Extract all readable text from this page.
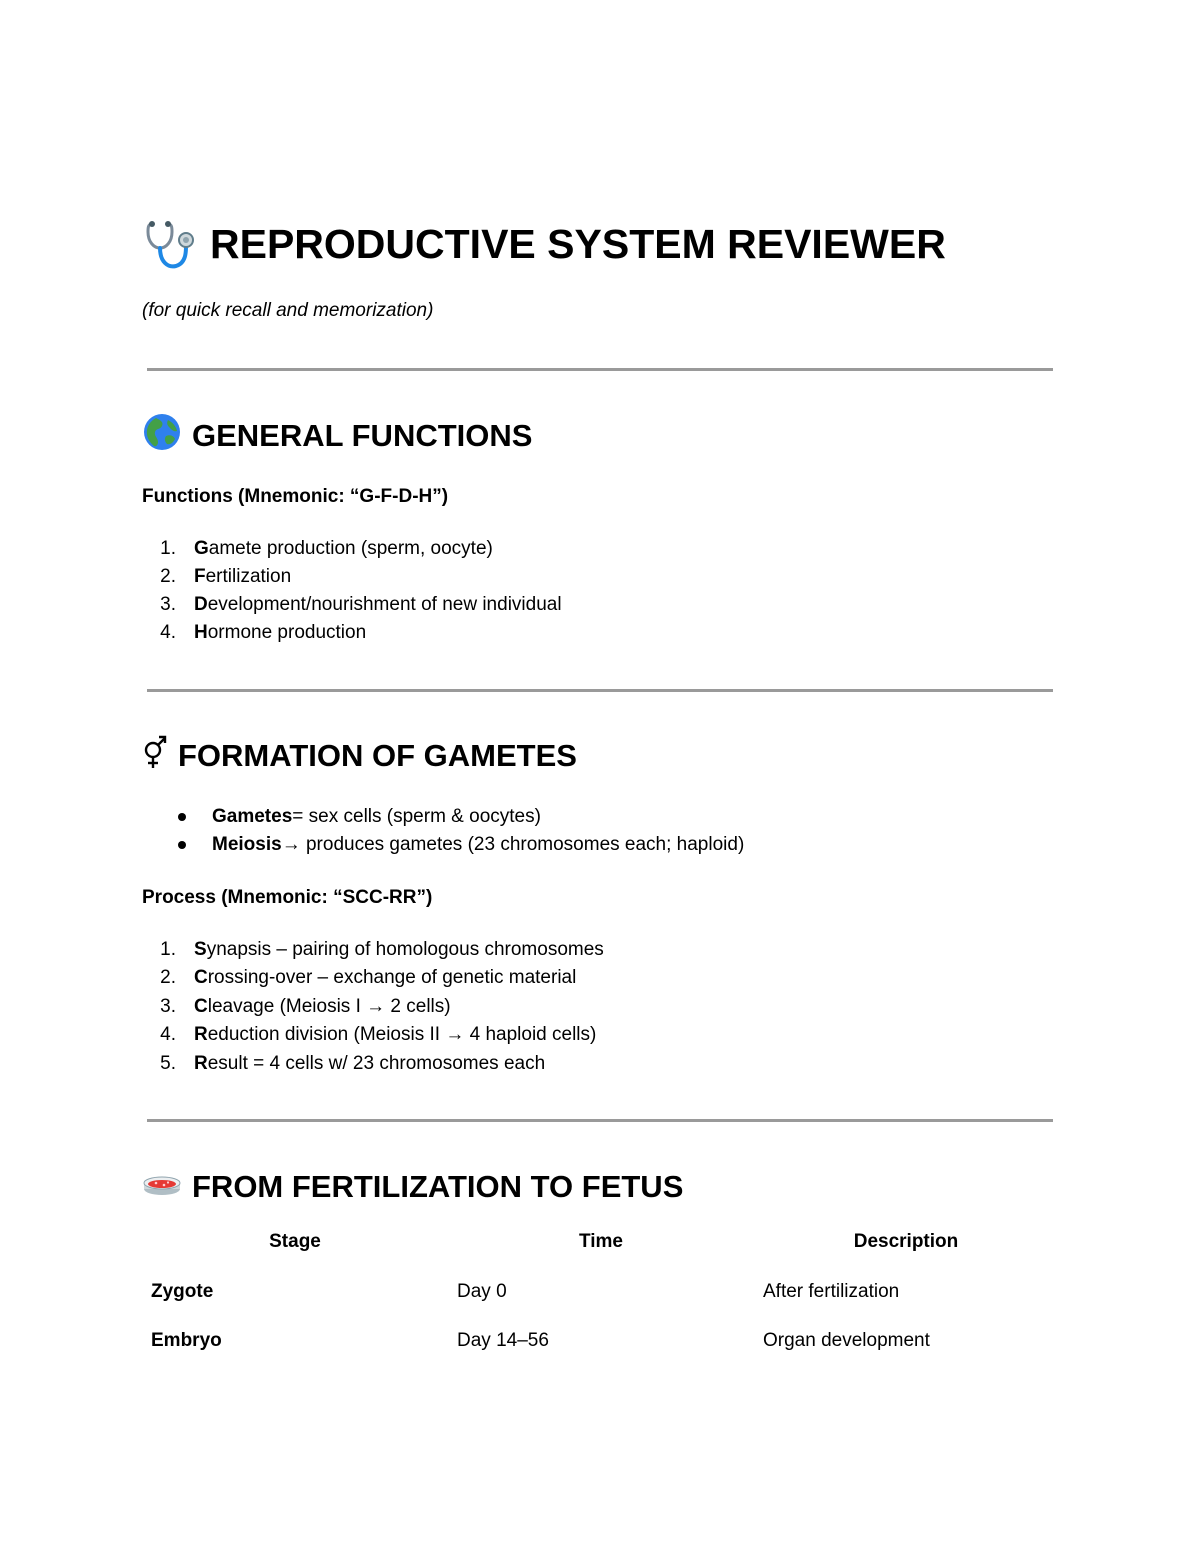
REPRODUCTIVE SYSTEM REVIEWER
(for quick recall and memorization)
GENERAL FUNCTIONS
Functions (Mnemonic: “G-F-D-H”)
1. G amete production (sperm, oocyte)
2. F ertilization
3. D evelopment/nourishment of new individual
4. H ormone production
FORMATION OF GAMETES
Gametes = sex cells (sperm & oocytes)
Meiosis → produces gametes (23 chromosomes each; haploid)
Process (Mnemonic: “SCC-RR”)
1. S ynapsis – pairing of homologous chromosomes
2. C rossing-over – exchange of genetic material
3. C leavage (Meiosis I → 2 cells)
4. R eduction division (Meiosis II → 4 haploid cells)
5. R esult = 4 cells w/ 23 chromosomes each
FROM FERTILIZATION TO FETUS
Stage	Time	Description
Zygote	Day 0	After fertilization
Embryo	Day 14–56	Organ development
